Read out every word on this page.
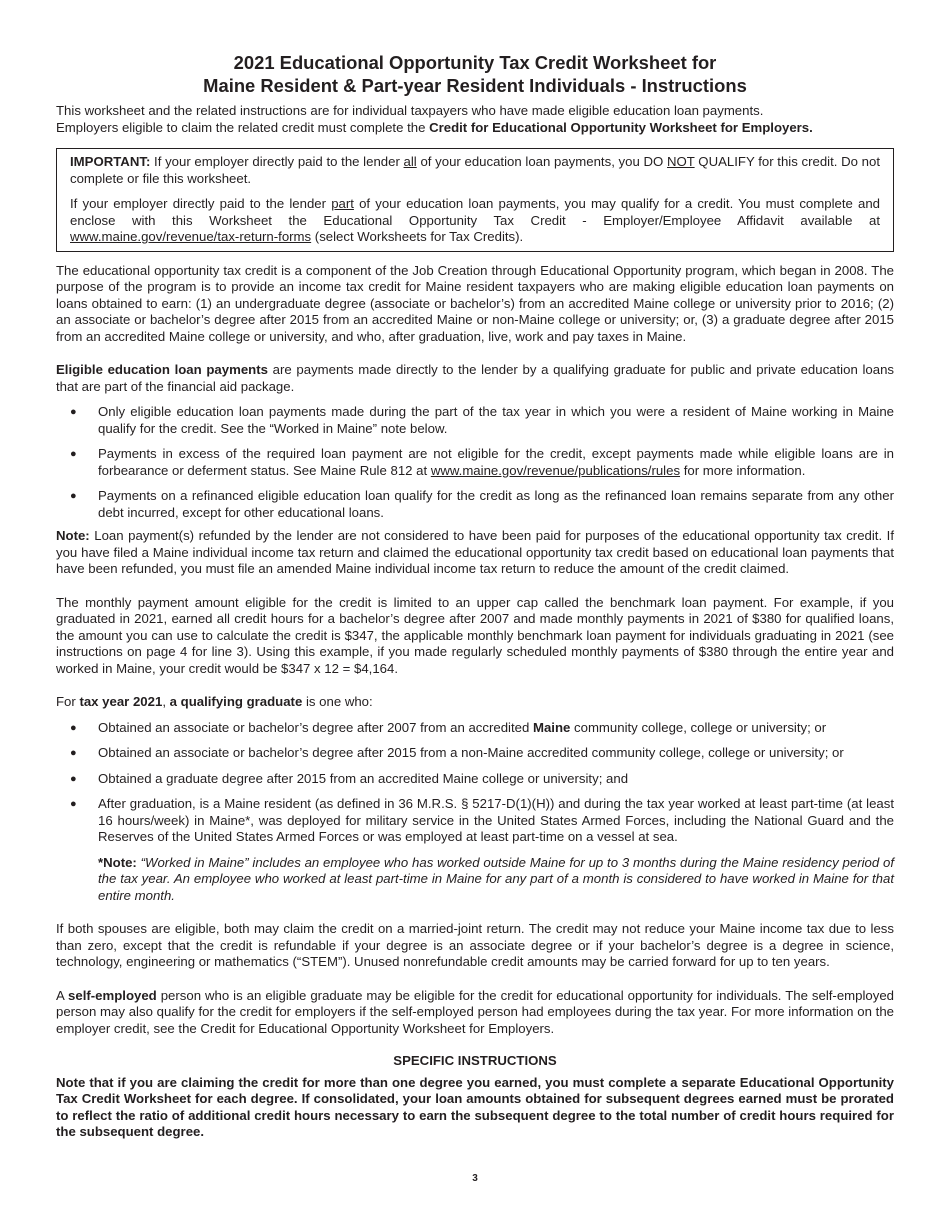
2021 Educational Opportunity Tax Credit Worksheet for
Maine Resident & Part-year Resident Individuals - Instructions

This worksheet and the related instructions are for individual taxpayers who have made eligible education loan payments.
Employers eligible to claim the related credit must complete the Credit for Educational Opportunity Worksheet for Employers.

IMPORTANT: If your employer directly paid to the lender all of your education loan payments, you DO NOT QUALIFY for this credit. Do not complete or file this worksheet.

If your employer directly paid to the lender part of your education loan payments, you may qualify for a credit. You must complete and enclose with this Worksheet the Educational Opportunity Tax Credit - Employer/Employee Affidavit available at www.maine.gov/revenue/tax-return-forms (select Worksheets for Tax Credits).

The educational opportunity tax credit is a component of the Job Creation through Educational Opportunity program, which began in 2008. The purpose of the program is to provide an income tax credit for Maine resident taxpayers who are making eligible education loan payments on loans obtained to earn: (1) an undergraduate degree (associate or bachelor’s) from an accredited Maine college or university prior to 2016; (2) an associate or bachelor’s degree after 2015 from an accredited Maine or non-Maine college or university; or, (3) a graduate degree after 2015 from an accredited Maine college or university, and who, after graduation, live, work and pay taxes in Maine.

Eligible education loan payments are payments made directly to the lender by a qualifying graduate for public and private education loans that are part of the financial aid package.

● Only eligible education loan payments made during the part of the tax year in which you were a resident of Maine working in Maine qualify for the credit. See the “Worked in Maine” note below.
● Payments in excess of the required loan payment are not eligible for the credit, except payments made while eligible loans are in forbearance or deferment status. See Maine Rule 812 at www.maine.gov/revenue/publications/rules for more information.
● Payments on a refinanced eligible education loan qualify for the credit as long as the refinanced loan remains separate from any other debt incurred, except for other educational loans.

Note: Loan payment(s) refunded by the lender are not considered to have been paid for purposes of the educational opportunity tax credit. If you have filed a Maine individual income tax return and claimed the educational opportunity tax credit based on educational loan payments that have been refunded, you must file an amended Maine individual income tax return to reduce the amount of the credit claimed.

The monthly payment amount eligible for the credit is limited to an upper cap called the benchmark loan payment. For example, if you graduated in 2021, earned all credit hours for a bachelor’s degree after 2007 and made monthly payments in 2021 of $380 for qualified loans, the amount you can use to calculate the credit is $347, the applicable monthly benchmark loan payment for individuals graduating in 2021 (see instructions on page 4 for line 3). Using this example, if you made regularly scheduled monthly payments of $380 through the entire year and worked in Maine, your credit would be $347 x 12 = $4,164.

For tax year 2021, a qualifying graduate is one who:

● Obtained an associate or bachelor’s degree after 2007 from an accredited Maine community college, college or university; or
● Obtained an associate or bachelor’s degree after 2015 from a non-Maine accredited community college, college or university; or
● Obtained a graduate degree after 2015 from an accredited Maine college or university; and
● After graduation, is a Maine resident (as defined in 36 M.R.S. § 5217-D(1)(H)) and during the tax year worked at least part-time (at least 16 hours/week) in Maine*, was deployed for military service in the United States Armed Forces, including the National Guard and the Reserves of the United States Armed Forces or was employed at least part-time on a vessel at sea.

*Note: “Worked in Maine” includes an employee who has worked outside Maine for up to 3 months during the Maine residency period of the tax year. An employee who worked at least part-time in Maine for any part of a month is considered to have worked in Maine for that entire month.

If both spouses are eligible, both may claim the credit on a married-joint return. The credit may not reduce your Maine income tax due to less than zero, except that the credit is refundable if your degree is an associate degree or if your bachelor’s degree is a degree in science, technology, engineering or mathematics (“STEM”). Unused nonrefundable credit amounts may be carried forward for up to ten years.

A self-employed person who is an eligible graduate may be eligible for the credit for educational opportunity for individuals. The self-employed person may also qualify for the credit for employers if the self-employed person had employees during the tax year. For more information on the employer credit, see the Credit for Educational Opportunity Worksheet for Employers.

SPECIFIC INSTRUCTIONS

Note that if you are claiming the credit for more than one degree you earned, you must complete a separate Educational Opportunity Tax Credit Worksheet for each degree. If consolidated, your loan amounts obtained for subsequent degrees earned must be prorated to reflect the ratio of additional credit hours necessary to earn the subsequent degree to the total number of credit hours required for the subsequent degree.

3
